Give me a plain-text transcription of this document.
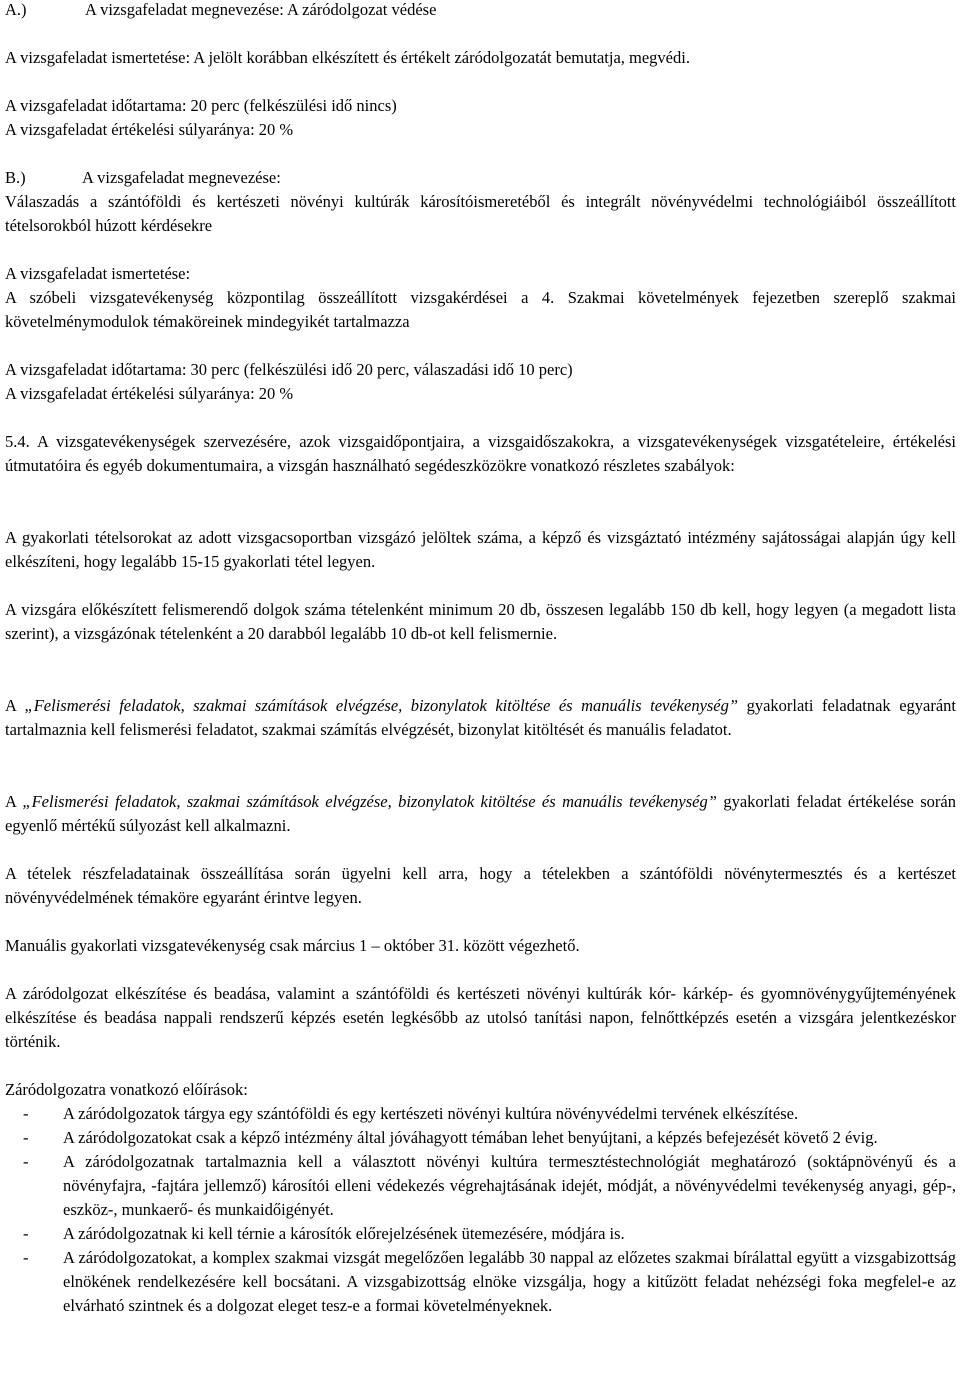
A.)	A vizsgafeladat megnevezése: A záródolgozat védése

A vizsgafeladat ismertetése: A jelölt korábban elkészített és értékelt záródolgozatát bemutatja, megvédi.

A vizsgafeladat időtartama: 20 perc (felkészülési idő nincs)

A vizsgafeladat értékelési súlyaránya: 20 %

B.)	A vizsgafeladat megnevezése:

Válaszadás a szántóföldi és kertészeti növényi kultúrák károsítóismeretéből és integrált növényvédelmi technológiáiból összeállított tételsorokból húzott kérdésekre

A vizsgafeladat ismertetése:

A szóbeli vizsgatevékenység központilag összeállított vizsgakérdései a 4. Szakmai követelmények fejezetben szereplő szakmai követelménymodulok témaköreinek mindegyikét tartalmazza

A vizsgafeladat időtartama: 30 perc (felkészülési idő 20 perc, válaszadási idő 10 perc)

A vizsgafeladat értékelési súlyaránya: 20 %

5.4. A vizsgatevékenységek szervezésére, azok vizsgaidőpontjaira, a vizsgaidőszakokra, a vizsgatevékenységek vizsgatételeire, értékelési útmutatóira és egyéb dokumentumaira, a vizsgán használható segédeszközökre vonatkozó részletes szabályok:

A gyakorlati tételsorokat az adott vizsgacsoportban vizsgázó jelöltek száma, a képző és vizsgáztató intézmény sajátosságai alapján úgy kell elkészíteni, hogy legalább 15-15 gyakorlati tétel legyen.

A vizsgára előkészített felismerendő dolgok száma tételenként minimum 20 db, összesen legalább 150 db kell, hogy legyen (a megadott lista szerint), a vizsgázónak tételenként a 20 darabból legalább 10 db-ot kell felismernie.

A „Felismerési feladatok, szakmai számítások elvégzése, bizonylatok kitöltése és manuális tevékenység” gyakorlati feladatnak egyaránt tartalmaznia kell felismerési feladatot, szakmai számítás elvégzését, bizonylat kitöltését és manuális feladatot.

A „Felismerési feladatok, szakmai számítások elvégzése, bizonylatok kitöltése és manuális tevékenység” gyakorlati feladat értékelése során egyenlő mértékű súlyozást kell alkalmazni.

A tételek részfeladatainak összeállítása során ügyelni kell arra, hogy a tételekben a szántóföldi növénytermesztés és a kertészet növényvédelmének témaköre egyaránt érintve legyen.

Manuális gyakorlati vizsgatevékenység csak március 1 – október 31. között végezhető.

A záródolgozat elkészítése és beadása, valamint a szántóföldi és kertészeti növényi kultúrák kór- kárkép- és gyomnövénygyűjteményének elkészítése és beadása nappali rendszerű képzés esetén legkésőbb az utolsó tanítási napon, felnőttképzés esetén a vizsgára jelentkezéskor történik.

Záródolgozatra vonatkozó előírások:

-	A záródolgozatok tárgya egy szántóföldi és egy kertészeti növényi kultúra növényvédelmi tervének elkészítése.
-	A záródolgozatokat csak a képző intézmény által jóváhagyott témában lehet benyújtani, a képzés befejezését követő 2 évig.
-	A záródolgozatnak tartalmaznia kell a választott növényi kultúra termesztéstechnológiát meghatározó (soktápnövényű és a növényfajra, -fajtára jellemző) károsítói elleni védekezés végrehajtásának idejét, módját, a növényvédelmi tevékenység anyagi, gép-, eszköz-, munkaerő- és munkaidőigényét.
-	A záródolgozatnak ki kell térnie a károsítók előrejelzésének ütemezésére, módjára is.
-	A záródolgozatokat, a komplex szakmai vizsgát megelőzően legalább 30 nappal az előzetes szakmai bírálattal együtt a vizsgabizottság elnökének rendelkezésére kell bocsátani. A vizsgabizottság elnöke vizsgálja, hogy a kitűzött feladat nehézségi foka megfelel-e az elvárható szintnek és a dolgozat eleget tesz-e a formai követelményeknek.
